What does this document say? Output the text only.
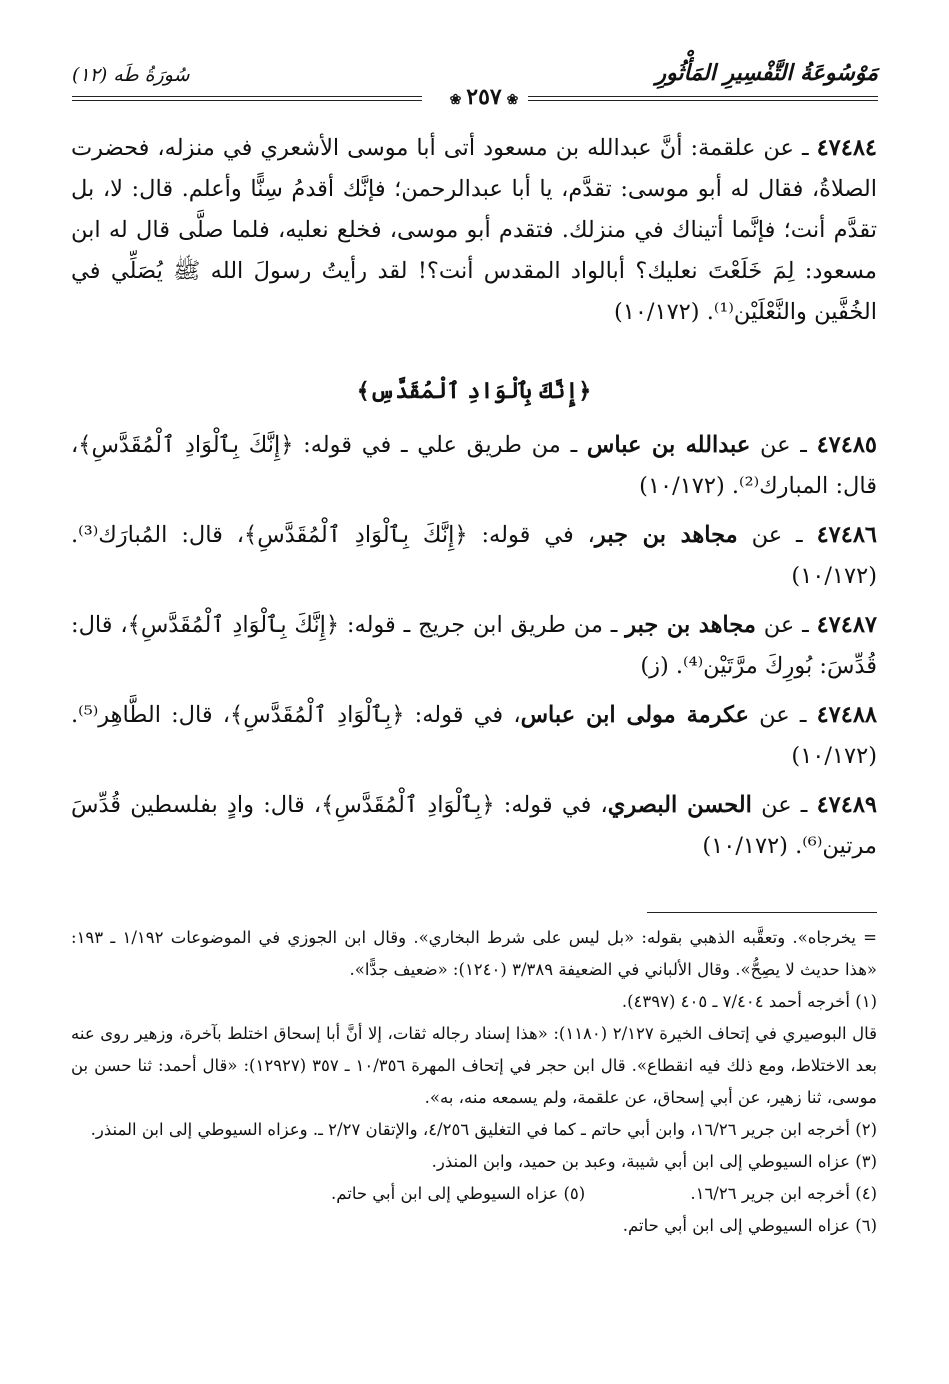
مَوْسُوعَةُ التَّفْسِيرِ المَأْثُورِ
سُورَةُ طَه (١٢)
❀ ٢٥٧ ❀

٤٧٤٨٤ ـ عن علقمة: أنَّ عبدالله بن مسعود أتى أبا موسى الأشعري في منزله، فحضرت الصلاةُ، فقال له أبو موسى: تقدَّم، يا أبا عبدالرحمن؛ فإنَّك أقدمُ سِنًّا وأعلم. قال: لا، بل تقدَّم أنت؛ فإنَّما أتيناك في منزلك. فتقدم أبو موسى، فخلع نعليه، فلما صلَّى قال له ابن مسعود: لِمَ خَلَعْتَ نعليك؟ أبالواد المقدس أنت؟! لقد رأيتُ رسولَ الله ﷺ يُصَلِّي في الخُفَّين والنَّعْلَيْن⁽¹⁾. (١٠/١٧٢)

﴿إِنَّكَ بِٱلْوَادِ ٱلْمُقَدَّسِ﴾

٤٧٤٨٥ ـ عن عبدالله بن عباس ـ من طريق علي ـ في قوله: ﴿إِنَّكَ بِٱلْوَادِ ٱلْمُقَدَّسِ﴾، قال: المبارك⁽²⁾. (١٠/١٧٢)

٤٧٤٨٦ ـ عن مجاهد بن جبر، في قوله: ﴿إِنَّكَ بِٱلْوَادِ ٱلْمُقَدَّسِ﴾، قال: المُبارَك⁽³⁾. (١٠/١٧٢)

٤٧٤٨٧ ـ عن مجاهد بن جبر ـ من طريق ابن جريج ـ قوله: ﴿إِنَّكَ بِٱلْوَادِ ٱلْمُقَدَّسِ﴾، قال: قُدِّسَ: بُورِكَ مرَّتَيْن⁽⁴⁾. (ز)

٤٧٤٨٨ ـ عن عكرمة مولى ابن عباس، في قوله: ﴿بِٱلْوَادِ ٱلْمُقَدَّسِ﴾، قال: الطَّاهِر⁽⁵⁾. (١٠/١٧٢)

٤٧٤٨٩ ـ عن الحسن البصري، في قوله: ﴿بِٱلْوَادِ ٱلْمُقَدَّسِ﴾، قال: وادٍ بفلسطين قُدِّسَ مرتين⁽⁶⁾. (١٠/١٧٢)

= يخرجاه». وتعقَّبه الذهبي بقوله: «بل ليس على شرط البخاري». وقال ابن الجوزي في الموضوعات ١/١٩٢ ـ ١٩٣: «هذا حديث لا يصِحُّ». وقال الألباني في الضعيفة ٣/٣٨٩ (١٢٤٠): «ضعيف جدًّا».

(١) أخرجه أحمد ٧/٤٠٤ ـ ٤٠٥ (٤٣٩٧).

قال البوصيري في إتحاف الخيرة ٢/١٢٧ (١١٨٠): «هذا إسناد رجاله ثقات، إلا أنَّ أبا إسحاق اختلط بآخرة، وزهير روى عنه بعد الاختلاط، ومع ذلك فيه انقطاع». قال ابن حجر في إتحاف المهرة ١٠/٣٥٦ ـ ٣٥٧ (١٢٩٢٧): «قال أحمد: ثنا حسن بن موسى، ثنا زهير، عن أبي إسحاق، عن علقمة، ولم يسمعه منه، به».

(٢) أخرجه ابن جرير ١٦/٢٦، وابن أبي حاتم ـ كما في التغليق ٤/٢٥٦، والإتقان ٢/٢٧ ـ. وعزاه السيوطي إلى ابن المنذر.

(٣) عزاه السيوطي إلى ابن أبي شيبة، وعبد بن حميد، وابن المنذر.

(٤) أخرجه ابن جرير ١٦/٢٦.
(٥) عزاه السيوطي إلى ابن أبي حاتم.

(٦) عزاه السيوطي إلى ابن أبي حاتم.
